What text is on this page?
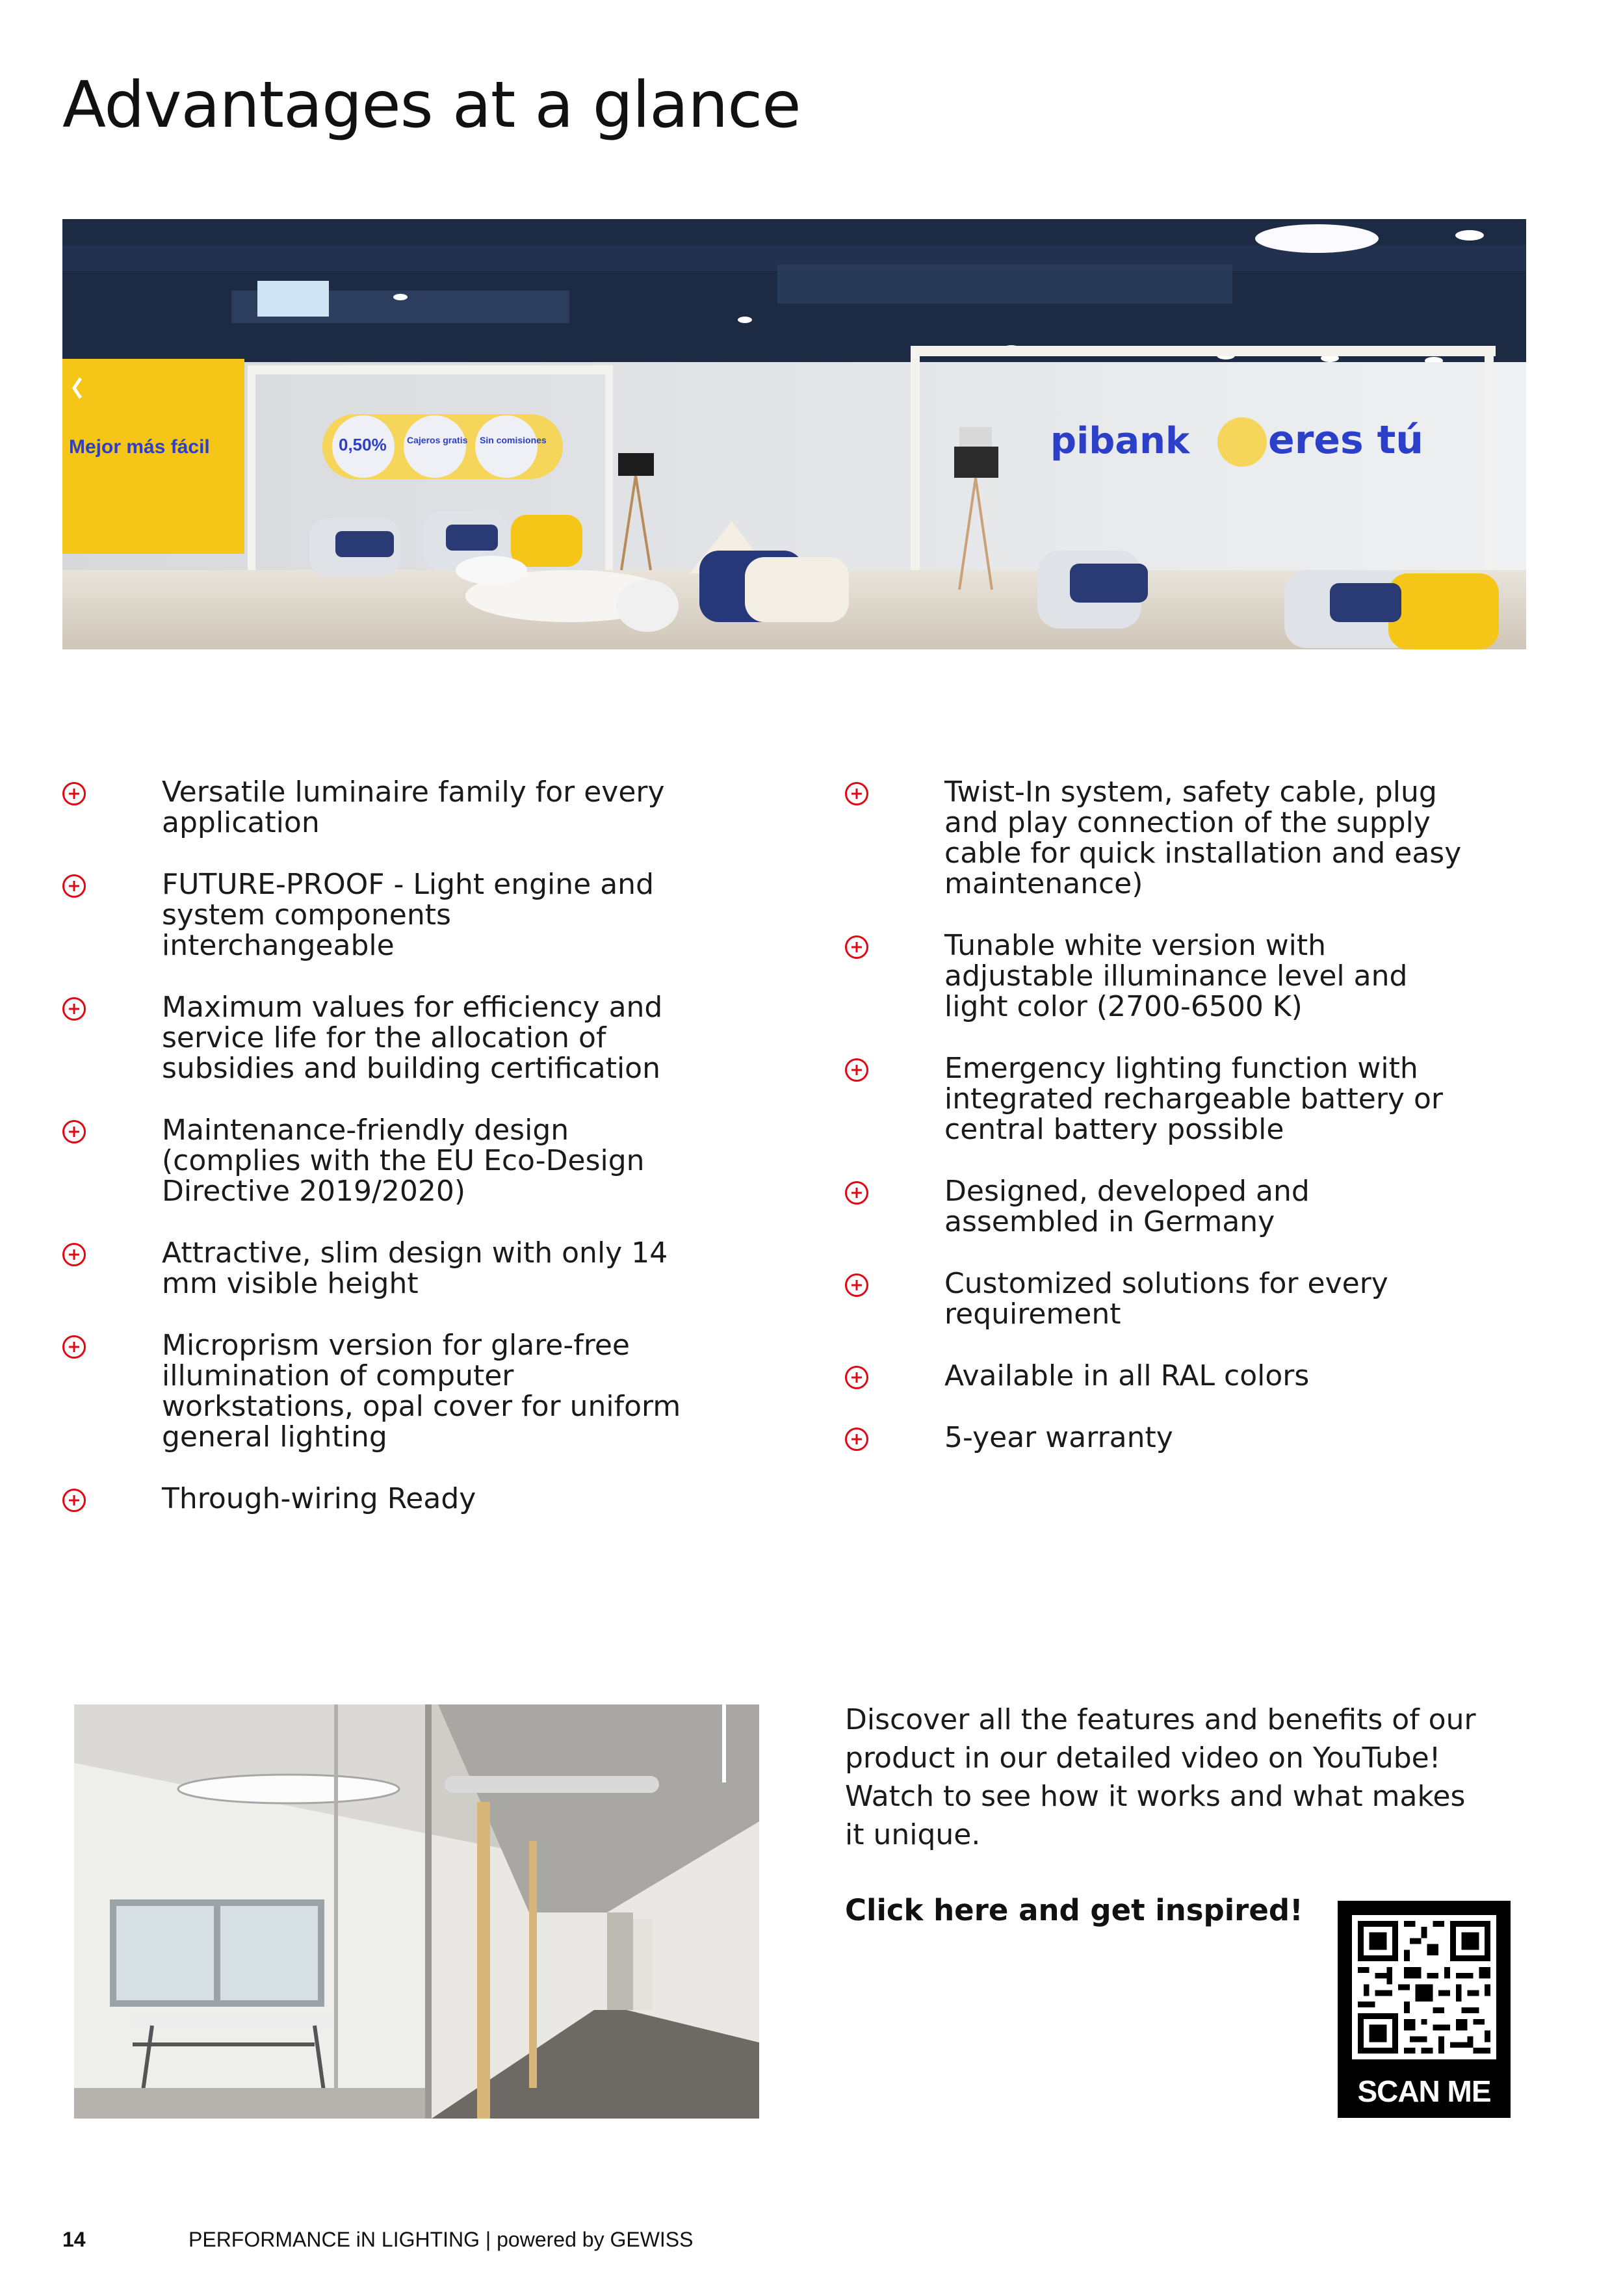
Advantages at a glance
Mejor más fácil	0,50% Cajeros gratis Sin comisiones	pibank eres tú
Versatile luminaire family for every application
FUTURE-PROOF - Light engine and system components interchangeable
Maximum values for efficiency and service life for the allocation of subsidies and building certification
Maintenance-friendly design (complies with the EU Eco-Design Directive 2019/2020)
Attractive, slim design with only 14 mm visible height
Microprism version for glare-free illumination of computer workstations, opal cover for uniform general lighting
Through-wiring Ready
Twist-In system, safety cable, plug and play connection of the supply cable for quick installation and easy maintenance)
Tunable white version with adjustable illuminance level and light color (2700-6500 K)
Emergency lighting function with integrated rechargeable battery or central battery possible
Designed, developed and assembled in Germany
Customized solutions for every requirement
Available in all RAL colors
5-year warranty

Discover all the features and benefits of our product in our detailed video on YouTube! Watch to see how it works and what makes it unique.

Click here and get inspired!
SCAN ME
14	PERFORMANCE iN LIGHTING | powered by GEWISS
